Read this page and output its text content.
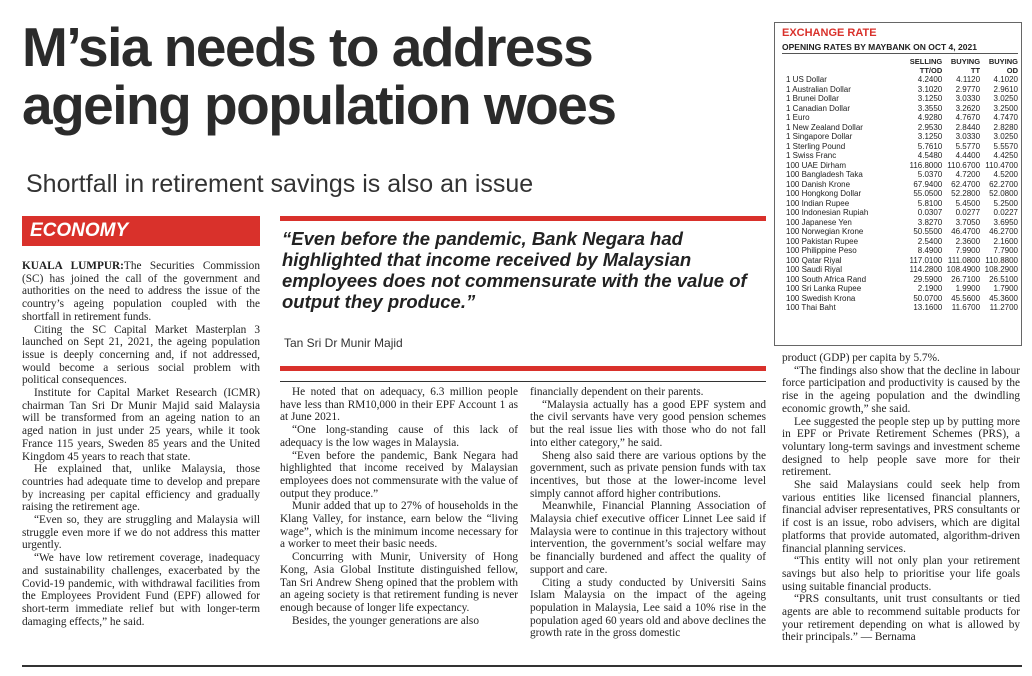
M’sia needs to address ageing population woes
Shortfall in retirement savings is also an issue
ECONOMY	“Even before the pandemic, Bank Negara had highlighted that income received by Malaysian employees does not commensurate with the value of output they produce.”
Tan Sri Dr Munir Majid
EXCHANGE RATE
OPENING RATES BY MAYBANK ON OCT 4, 2021
	SELLING TT/OD	BUYING TT	BUYING OD
1 US Dollar	4.2400	4.1120	4.1020
1 Australian Dollar	3.1020	2.9770	2.9610
1 Brunei Dollar	3.1250	3.0330	3.0250
1 Canadian Dollar	3.3550	3.2620	3.2500
1 Euro	4.9280	4.7670	4.7470
1 New Zealand Dollar	2.9530	2.8440	2.8280
1 Singapore Dollar	3.1250	3.0330	3.0250
1 Sterling Pound	5.7610	5.5770	5.5570
1 Swiss Franc	4.5480	4.4400	4.4250
100 UAE Dirham	116.8000	110.6700	110.4700
100 Bangladesh Taka	5.0370	4.7200	4.5200
100 Danish Krone	67.9400	62.4700	62.2700
100 Hongkong Dollar	55.0500	52.2800	52.0800
100 Indian Rupee	5.8100	5.4500	5.2500
100 Indonesian Rupiah	0.0307	0.0277	0.0227
100 Japanese Yen	3.8270	3.7050	3.6950
100 Norwegian Krone	50.5500	46.4700	46.2700
100 Pakistan Rupee	2.5400	2.3600	2.1600
100 Philippine Peso	8.4900	7.9900	7.7900
100 Qatar Riyal	117.0100	111.0800	110.8800
100 Saudi Riyal	114.2800	108.4900	108.2900
100 South Africa Rand	29.5900	26.7100	26.5100
100 Sri Lanka Rupee	2.1900	1.9900	1.7900
100 Swedish Krona	50.0700	45.5600	45.3600
100 Thai Baht	13.1600	11.6700	11.2700

KUALA LUMPUR:The Securities Commission (SC) has joined the call of the government and authorities on the need to address the issue of the country’s ageing population coupled with the shortfall in retirement funds.

Citing the SC Capital Market Masterplan 3 launched on Sept 21, 2021, the ageing population issue is deeply concerning and, if not addressed, would become a serious social problem with political consequences.

Institute for Capital Market Research (ICMR) chairman Tan Sri Dr Munir Majid said Malaysia will be transformed from an ageing nation to an aged nation in just under 25 years, while it took France 115 years, Sweden 85 years and the United Kingdom 45 years to reach that state.

He explained that, unlike Malaysia, those countries had adequate time to develop and prepare by increasing per capital efficiency and gradually raising the retirement age.

“Even so, they are struggling and Malaysia will struggle even more if we do not address this matter urgently.

“We have low retirement coverage, inadequacy and sustainability challenges, exacerbated by the Covid-19 pandemic, with withdrawal facilities from the Employees Provident Fund (EPF) allowed for short-term immediate relief but with longer-term damaging effects,” he said.

He noted that on adequacy, 6.3 million people have less than RM10,000 in their EPF Account 1 as at June 2021.

“One long-standing cause of this lack of adequacy is the low wages in Malaysia.

“Even before the pandemic, Bank Negara had highlighted that income received by Malaysian employees does not commensurate with the value of output they produce.”

Munir added that up to 27% of households in the Klang Valley, for instance, earn below the “living wage”, which is the minimum income necessary for a worker to meet their basic needs.

Concurring with Munir, University of Hong Kong, Asia Global Institute distinguished fellow, Tan Sri Andrew Sheng opined that the problem with an ageing society is that retirement funding is never enough because of longer life expectancy.

Besides, the younger generations are also

financially dependent on their parents.

“Malaysia actually has a good EPF system and the civil servants have very good pension schemes but the real issue lies with those who do not fall into either category,” he said.

Sheng also said there are various options by the government, such as private pension funds with tax incentives, but those at the lower-income level simply cannot afford higher contributions.

Meanwhile, Financial Planning Association of Malaysia chief executive officer Linnet Lee said if Malaysia were to continue in this trajectory without intervention, the government’s social welfare may be financially burdened and affect the quality of support and care.

Citing a study conducted by Universiti Sains Islam Malaysia on the impact of the ageing population in Malaysia, Lee said a 10% rise in the population aged 60 years old and above declines the growth rate in the gross domestic

product (GDP) per capita by 5.7%.

“The findings also show that the decline in labour force participation and productivity is caused by the rise in the ageing population and the dwindling economic growth,” she said.

Lee suggested the people step up by putting more in EPF or Private Retirement Schemes (PRS), a voluntary long-term savings and investment scheme designed to help people save more for their retirement.

She said Malaysians could seek help from various entities like licensed financial planners, financial adviser representatives, PRS consultants or if cost is an issue, robo advisers, which are digital platforms that provide automated, algorithm-driven financial planning services.

“This entity will not only plan your retirement savings but also help to prioritise your life goals using suitable financial products.

“PRS consultants, unit trust consultants or tied agents are able to recommend suitable products for your retirement depending on what is allowed by their principals.” — Bernama
